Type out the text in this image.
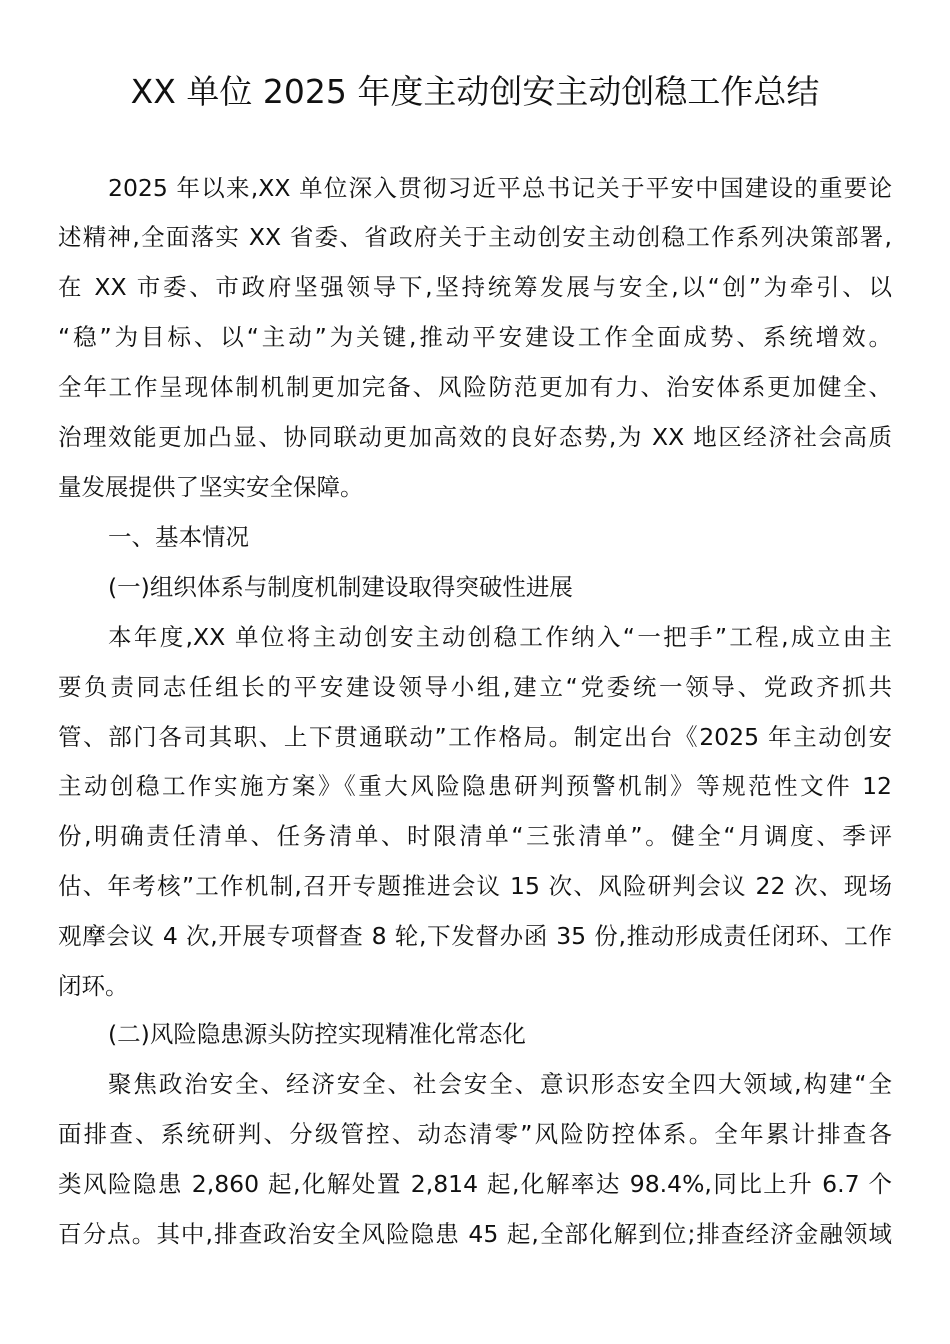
XX 单位 2025 年度主动创安主动创稳工作总结
2025 年以来,XX 单位深入贯彻习近平总书记关于平安中国建设的重要论
述精神,全面落实 XX 省委、省政府关于主动创安主动创稳工作系列决策部署,
在 XX 市委、市政府坚强领导下,坚持统筹发展与安全,以“创”为牵引、以
“稳”为目标、以“主动”为关键,推动平安建设工作全面成势、系统增效。
全年工作呈现体制机制更加完备、风险防范更加有力、治安体系更加健全、
治理效能更加凸显、协同联动更加高效的良好态势,为 XX 地区经济社会高质
量发展提供了坚实安全保障。
一、基本情况
(一)组织体系与制度机制建设取得突破性进展
本年度,XX 单位将主动创安主动创稳工作纳入“一把手”工程,成立由主
要负责同志任组长的平安建设领导小组,建立“党委统一领导、党政齐抓共
管、部门各司其职、上下贯通联动”工作格局。制定出台《2025 年主动创安
主动创稳工作实施方案》《重大风险隐患研判预警机制》等规范性文件 12
份,明确责任清单、任务清单、时限清单“三张清单”。健全“月调度、季评
估、年考核”工作机制,召开专题推进会议 15 次、风险研判会议 22 次、现场
观摩会议 4 次,开展专项督查 8 轮,下发督办函 35 份,推动形成责任闭环、工作
闭环。
(二)风险隐患源头防控实现精准化常态化
聚焦政治安全、经济安全、社会安全、意识形态安全四大领域,构建“全
面排查、系统研判、分级管控、动态清零”风险防控体系。全年累计排查各
类风险隐患 2,860 起,化解处置 2,814 起,化解率达 98.4%,同比上升 6.7 个
百分点。其中,排查政治安全风险隐患 45 起,全部化解到位;排查经济金融领域
